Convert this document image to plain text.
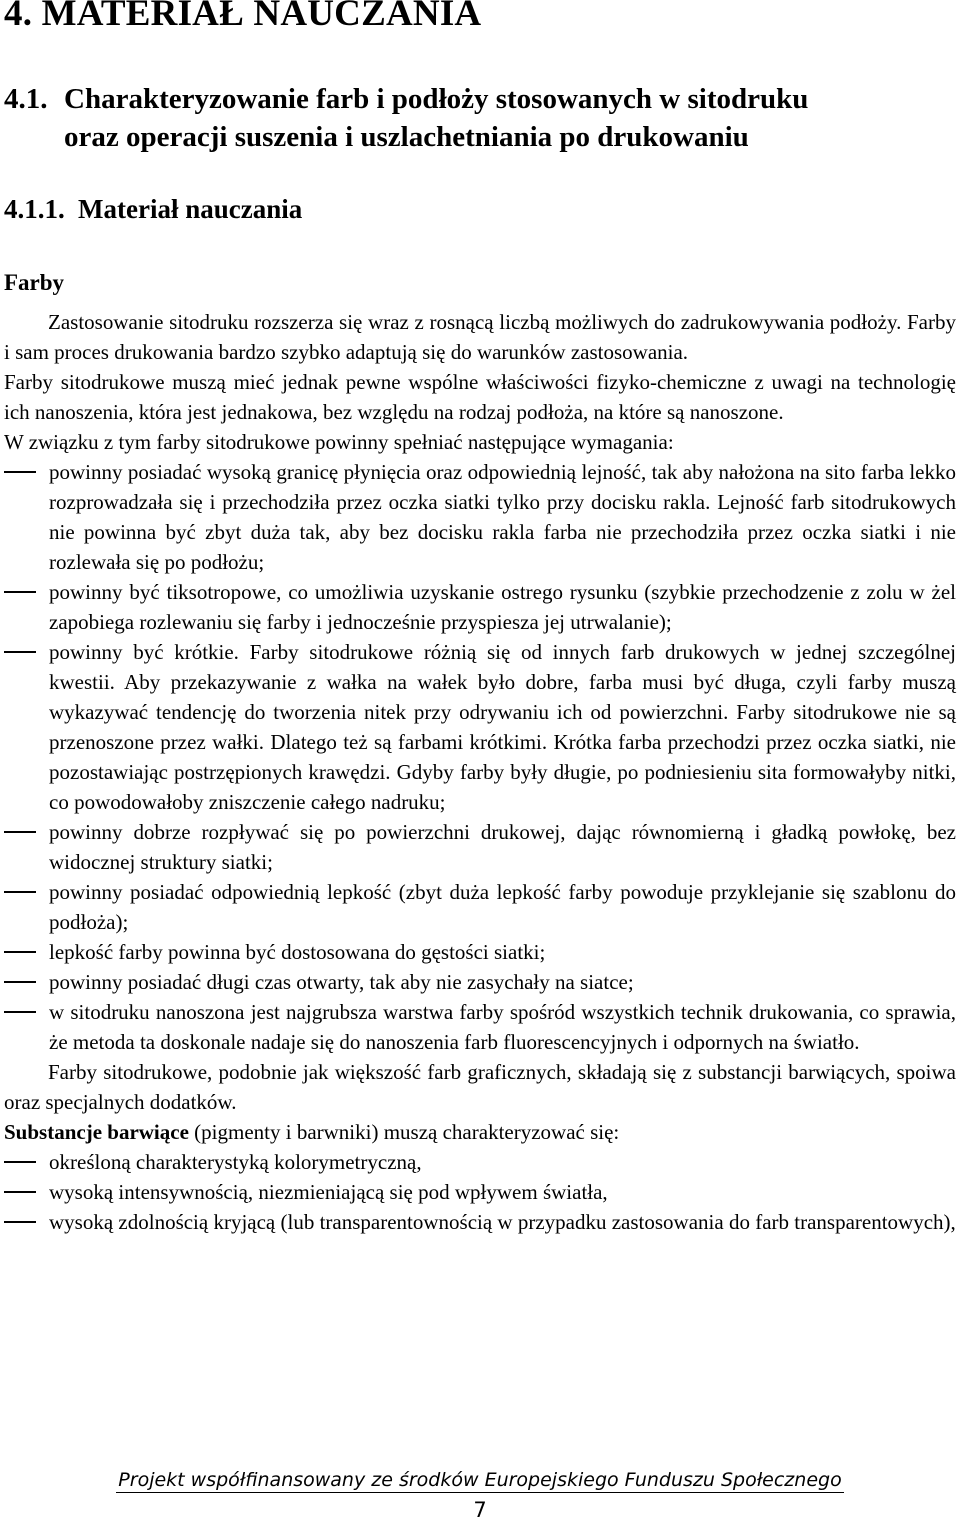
4. MATERIAŁ NAUCZANIA
4.1. Charakteryzowanie farb i podłoży stosowanych w sitodruku
oraz operacji suszenia i uszlachetniania po drukowaniu
4.1.1. Materiał nauczania
Farby

Zastosowanie sitodruku rozszerza się wraz z rosnącą liczbą możliwych do zadrukowywania podłoży. Farby i sam proces drukowania bardzo szybko adaptują się do warunków zastosowania.

Farby sitodrukowe muszą mieć jednak pewne wspólne właściwości fizyko-chemiczne z uwagi na technologię ich nanoszenia, która jest jednakowa, bez względu na rodzaj podłoża, na które są nanoszone.

W związku z tym farby sitodrukowe powinny spełniać następujące wymagania:

powinny posiadać wysoką granicę płynięcia oraz odpowiednią lejność, tak aby nałożona na sito farba lekko rozprowadzała się i przechodziła przez oczka siatki tylko przy docisku rakla. Lejność farb sitodrukowych nie powinna być zbyt duża tak, aby bez docisku rakla farba nie przechodziła przez oczka siatki i nie rozlewała się po podłożu;
powinny być tiksotropowe, co umożliwia uzyskanie ostrego rysunku (szybkie przechodzenie z zolu w żel zapobiega rozlewaniu się farby i jednocześnie przyspiesza jej utrwalanie);
powinny być krótkie. Farby sitodrukowe różnią się od innych farb drukowych w jednej szczególnej kwestii. Aby przekazywanie z wałka na wałek było dobre, farba musi być długa, czyli farby muszą wykazywać tendencję do tworzenia nitek przy odrywaniu ich od powierzchni. Farby sitodrukowe nie są przenoszone przez wałki. Dlatego też są farbami krótkimi. Krótka farba przechodzi przez oczka siatki, nie pozostawiając postrzępionych krawędzi. Gdyby farby były długie, po podniesieniu sita formowałyby nitki, co powodowałoby zniszczenie całego nadruku;
powinny dobrze rozpływać się po powierzchni drukowej, dając równomierną i gładką powłokę, bez widocznej struktury siatki;
powinny posiadać odpowiednią lepkość (zbyt duża lepkość farby powoduje przyklejanie się szablonu do podłoża);
lepkość farby powinna być dostosowana do gęstości siatki;
powinny posiadać długi czas otwarty, tak aby nie zasychały na siatce;
w sitodruku nanoszona jest najgrubsza warstwa farby spośród wszystkich technik drukowania, co sprawia, że metoda ta doskonale nadaje się do nanoszenia farb fluorescencyjnych i odpornych na światło.

Farby sitodrukowe, podobnie jak większość farb graficznych, składają się z substancji barwiących, spoiwa oraz specjalnych dodatków.

Substancje barwiące (pigmenty i barwniki) muszą charakteryzować się:

określoną charakterystyką kolorymetryczną,
wysoką intensywnością, niezmieniającą się pod wpływem światła,
wysoką zdolnością kryjącą (lub transparentownością w przypadku zastosowania do farb transparentowych),
Projekt współfinansowany ze środków Europejskiego Funduszu Społecznego
7
